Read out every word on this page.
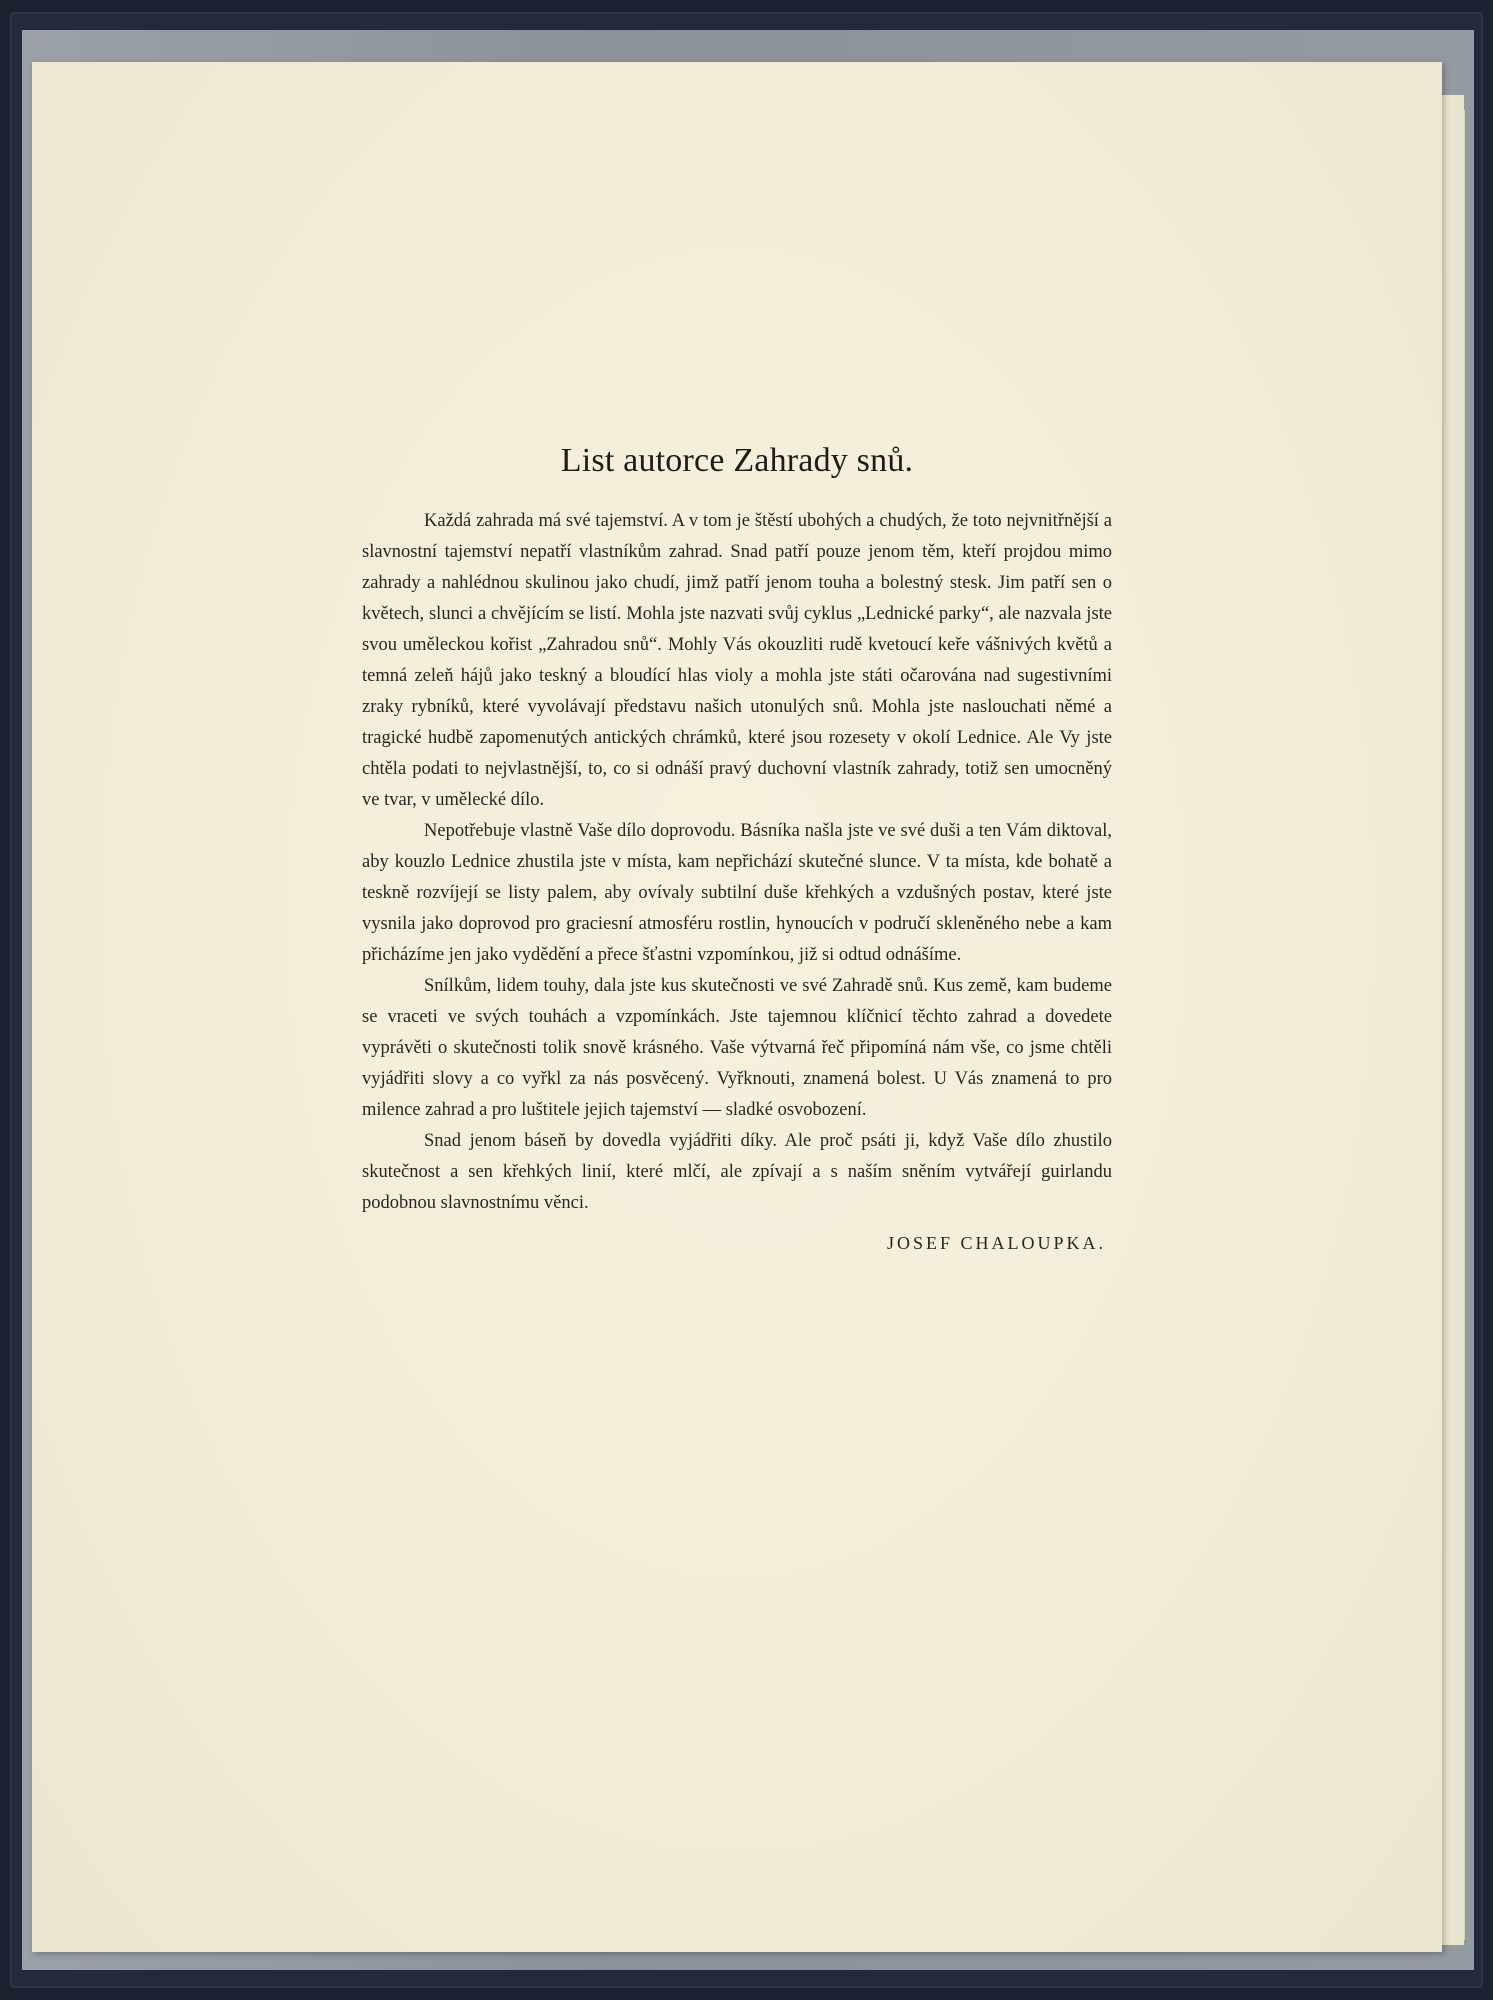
List autorce Zahrady snů.

Každá zahrada má své tajemství. A v tom je štěstí ubohých a chudých, že toto nejvnitřnější a slavnostní tajemství nepatří vlastníkům zahrad. Snad patří pouze jenom těm, kteří projdou mimo zahrady a nahlédnou skulinou jako chudí, jimž patří jenom touha a bolestný stesk. Jim patří sen o květech, slunci a chvějícím se listí. Mohla jste nazvati svůj cyklus „Lednické parky“, ale nazvala jste svou uměleckou kořist „Zahradou snů“. Mohly Vás okouzliti rudě kvetoucí keře vášnivých květů a temná zeleň hájů jako teskný a bloudící hlas violy a mohla jste státi očarována nad sugestivními zraky rybníků, které vyvolávají představu našich utonulých snů. Mohla jste naslouchati němé a tragické hudbě zapomenutých antických chrámků, které jsou rozesety v okolí Lednice. Ale Vy jste chtěla podati to nejvlastnější, to, co si odnáší pravý duchovní vlastník zahrady, totiž sen umocněný ve tvar, v umělecké dílo.

Nepotřebuje vlastně Vaše dílo doprovodu. Básníka našla jste ve své duši a ten Vám diktoval, aby kouzlo Lednice zhustila jste v místa, kam nepřichází skutečné slunce. V ta místa, kde bohatě a teskně rozvíjejí se listy palem, aby ovívaly subtilní duše křehkých a vzdušných postav, které jste vysnila jako doprovod pro graciesní atmosféru rostlin, hynoucích v područí skleněného nebe a kam přicházíme jen jako vydědění a přece šťastni vzpomínkou, již si odtud odnášíme.

Snílkům, lidem touhy, dala jste kus skutečnosti ve své Zahradě snů. Kus země, kam budeme se vraceti ve svých touhách a vzpomínkách. Jste tajemnou klíčnicí těchto zahrad a dovedete vyprávěti o skutečnosti tolik snově krásného. Vaše výtvarná řeč připomíná nám vše, co jsme chtěli vyjádřiti slovy a co vyřkl za nás posvěcený. Vyřknouti, znamená bolest. U Vás znamená to pro milence zahrad a pro luštitele jejich tajemství — sladké osvobození.

Snad jenom báseň by dovedla vyjádřiti díky. Ale proč psáti ji, když Vaše dílo zhustilo skutečnost a sen křehkých linií, které mlčí, ale zpívají a s naším sněním vytvářejí guirlandu podobnou slavnostnímu věnci.

JOSEF CHALOUPKA.
